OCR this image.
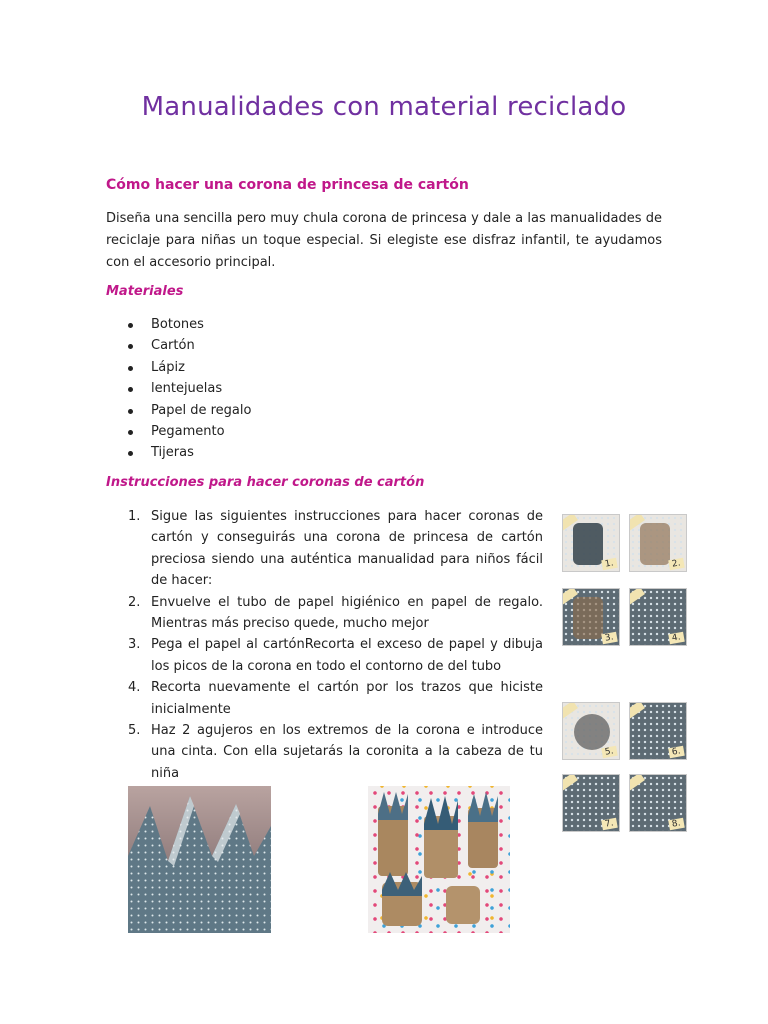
Manualidades con material reciclado
Cómo hacer una corona de princesa de cartón

Diseña una sencilla pero muy chula corona de princesa y dale a las manualidades de reciclaje para niñas un toque especial. Si elegiste ese disfraz infantil, te ayudamos con el accesorio principal.

Materiales
Botones
Cartón
Lápiz
lentejuelas
Papel de regalo
Pegamento
Tijeras
Instrucciones para hacer coronas de cartón
1. Sigue las siguientes instrucciones para hacer coronas de cartón y conseguirás una corona de princesa de cartón preciosa siendo una auténtica manualidad para niños fácil de hacer:
2. Envuelve el tubo de papel higiénico en papel de regalo. Mientras más preciso quede, mucho mejor
3. Pega el papel al cartónRecorta el exceso de papel y dibuja los picos de la corona en todo el contorno de del tubo
4. Recorta nuevamente el cartón por los trazos que hiciste inicialmente
5. Haz 2 agujeros en los extremos de la corona e introduce una cinta. Con ella sujetarás la coronita a la cabeza de tu niña
1.	2.
3.	4.
5.	6.
7.	8.
